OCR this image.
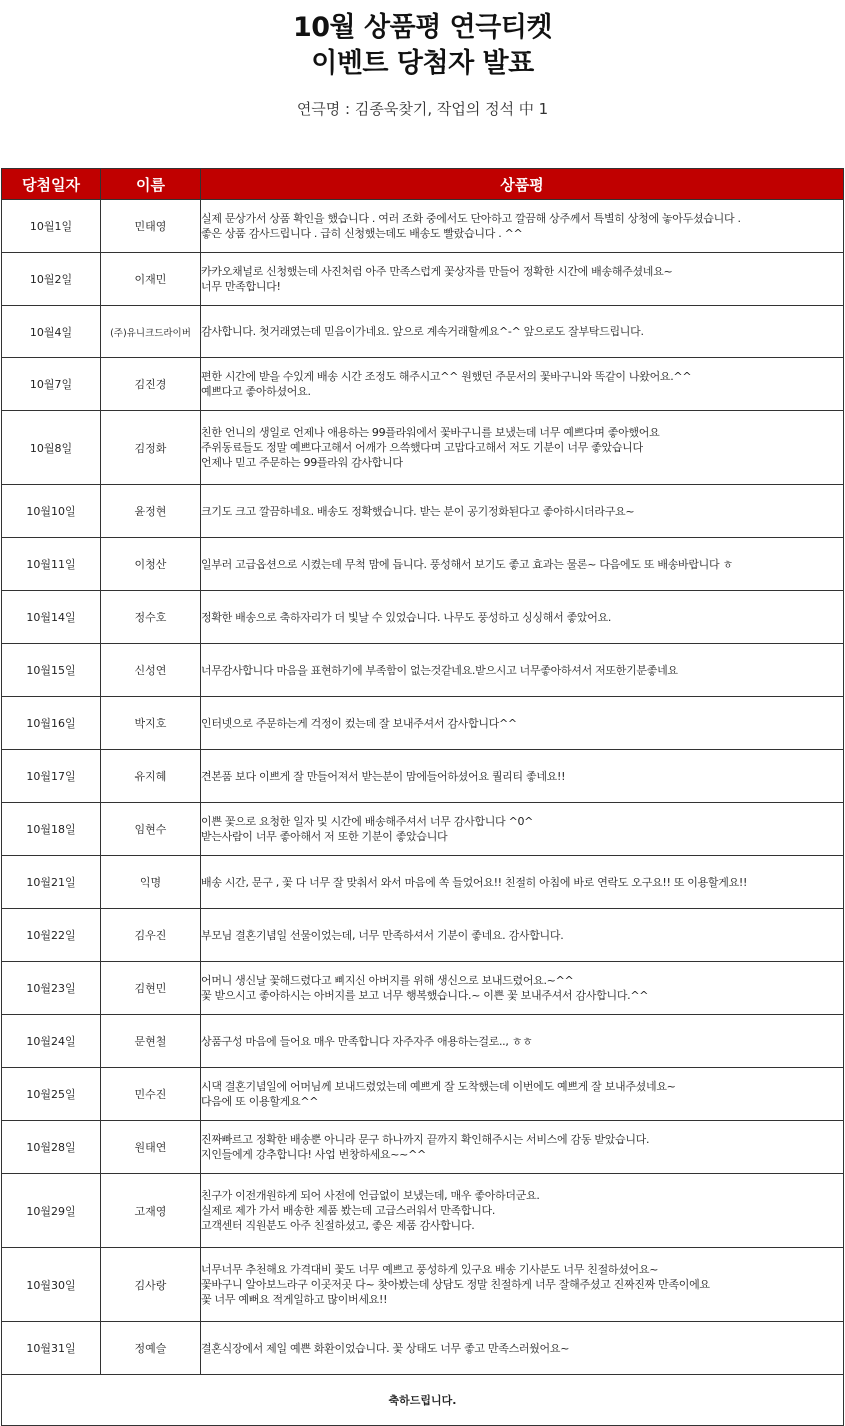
10월 상품평 연극티켓
이벤트 당첨자 발표
연극명 : 김종욱찾기, 작업의 정석 中 1
당첨일자	이름	상품평
10월1일	민태영	실제 문상가서 상품 확인을 했습니다 . 여러 조화 중에서도 단아하고 깔끔해 상주께서 특별히 상청에 놓아두셨습니다 .
좋은 상품 감사드립니다 . 급히 신청했는데도 배송도 빨랐습니다 . ^^

10월2일	이재민	카카오채널로 신청했는데 사진처럼 아주 만족스럽게 꽃상자를 만들어 정확한 시간에 배송해주셨네요~
너무 만족합니다!

10월4일	(주)유니크드라이버	감사합니다. 첫거래였는데 믿음이가네요. 앞으로 계속거래할께요^-^ 앞으로도 잘부탁드립니다.

10월7일	김진경	편한 시간에 받을 수있게 배송 시간 조정도 해주시고^^ 원했던 주문서의 꽃바구니와 똑같이 나왔어요.^^
예쁘다고 좋아하셨어요.

10월8일	김정화	친한 언니의 생일로 언제나 애용하는 99플라워에서 꽃바구니를 보냈는데 너무 예쁘다며 좋아했어요
주위동료들도 정말 예쁘다고해서 어깨가 으쓱했다며 고맙다고해서 저도 기분이 너무 좋았습니다
언제나 믿고 주문하는 99플라워 감사합니다

10월10일	윤정현	크기도 크고 깔끔하네요. 배송도 정확했습니다. 받는 분이 공기정화된다고 좋아하시더라구요~

10월11일	이청산	일부러 고급옵션으로 시켰는데 무척 맘에 듭니다. 풍성해서 보기도 좋고 효과는 물론~ 다음에도 또 배송바랍니다 ㅎ

10월14일	정수호	정확한 배송으로 축하자리가 더 빛날 수 있었습니다. 나무도 풍성하고 싱싱해서 좋았어요.

10월15일	신성연	너무감사합니다 마음을 표현하기에 부족함이 없는것같네요.받으시고 너무좋아하셔서 저또한기분좋네요

10월16일	박지호	인터넷으로 주문하는게 걱정이 컸는데 잘 보내주셔서 감사합니다^^

10월17일	유지혜	견본품 보다 이쁘게 잘 만들어져서 받는분이 맘에들어하셨어요 퀄리티 좋네요!!

10월18일	임현수	이쁜 꽃으로 요청한 일자 및 시간에 배송해주셔서 너무 감사합니다 ^0^
받는사람이 너무 좋아해서 저 또한 기분이 좋았습니다

10월21일	익명	배송 시간, 문구 , 꽃 다 너무 잘 맞춰서 와서 마음에 쏙 들었어요!! 친절히 아침에 바로 연락도 오구요!! 또 이용할게요!!

10월22일	김우진	부모님 결혼기념일 선물이었는데, 너무 만족하셔서 기분이 좋네요. 감사합니다.

10월23일	김현민	어머니 생신날 꽃해드렸다고 삐지신 아버지를 위해 생신으로 보내드렸어요.~^^
꽃 받으시고 좋아하시는 아버지를 보고 너무 행복했습니다.~ 이쁜 꽃 보내주셔서 감사합니다.^^

10월24일	문현철	상품구성 마음에 들어요 매우 만족합니다 자주자주 애용하는걸로.., ㅎㅎ

10월25일	민수진	시댁 결혼기념일에 어머님께 보내드렸었는데 예쁘게 잘 도착했는데 이번에도 예쁘게 잘 보내주셨네요~
다음에 또 이용할게요^^

10월28일	원태연	진짜빠르고 정확한 배송뿐 아니라 문구 하나까지 끝까지 확인해주시는 서비스에 감동 받았습니다.
지인들에게 강추합니다! 사업 번창하세요~~^^

10월29일	고재영	친구가 이전개원하게 되어 사전에 언급없이 보냈는데, 매우 좋아하더군요.
실제로 제가 가서 배송한 제품 봤는데 고급스러워서 만족합니다.
고객센터 직원분도 아주 친절하셨고, 좋은 제품 감사합니다.

10월30일	김사랑	너무너무 추천해요 가격대비 꽃도 너무 예쁘고 풍성하게 있구요 배송 기사분도 너무 친절하셨어요~
꽃바구니 알아보느라구 이곳저곳 다~ 찾아봤는데 상담도 정말 친절하게 너무 잘해주셨고 진짜진짜 만족이에요
꽃 너무 예뻐요 적게일하고 많이버세요!!

10월31일	정예슬	결혼식장에서 제일 예쁜 화환이었습니다. 꽃 상태도 너무 좋고 만족스러웠어요~

축하드립니다.		
